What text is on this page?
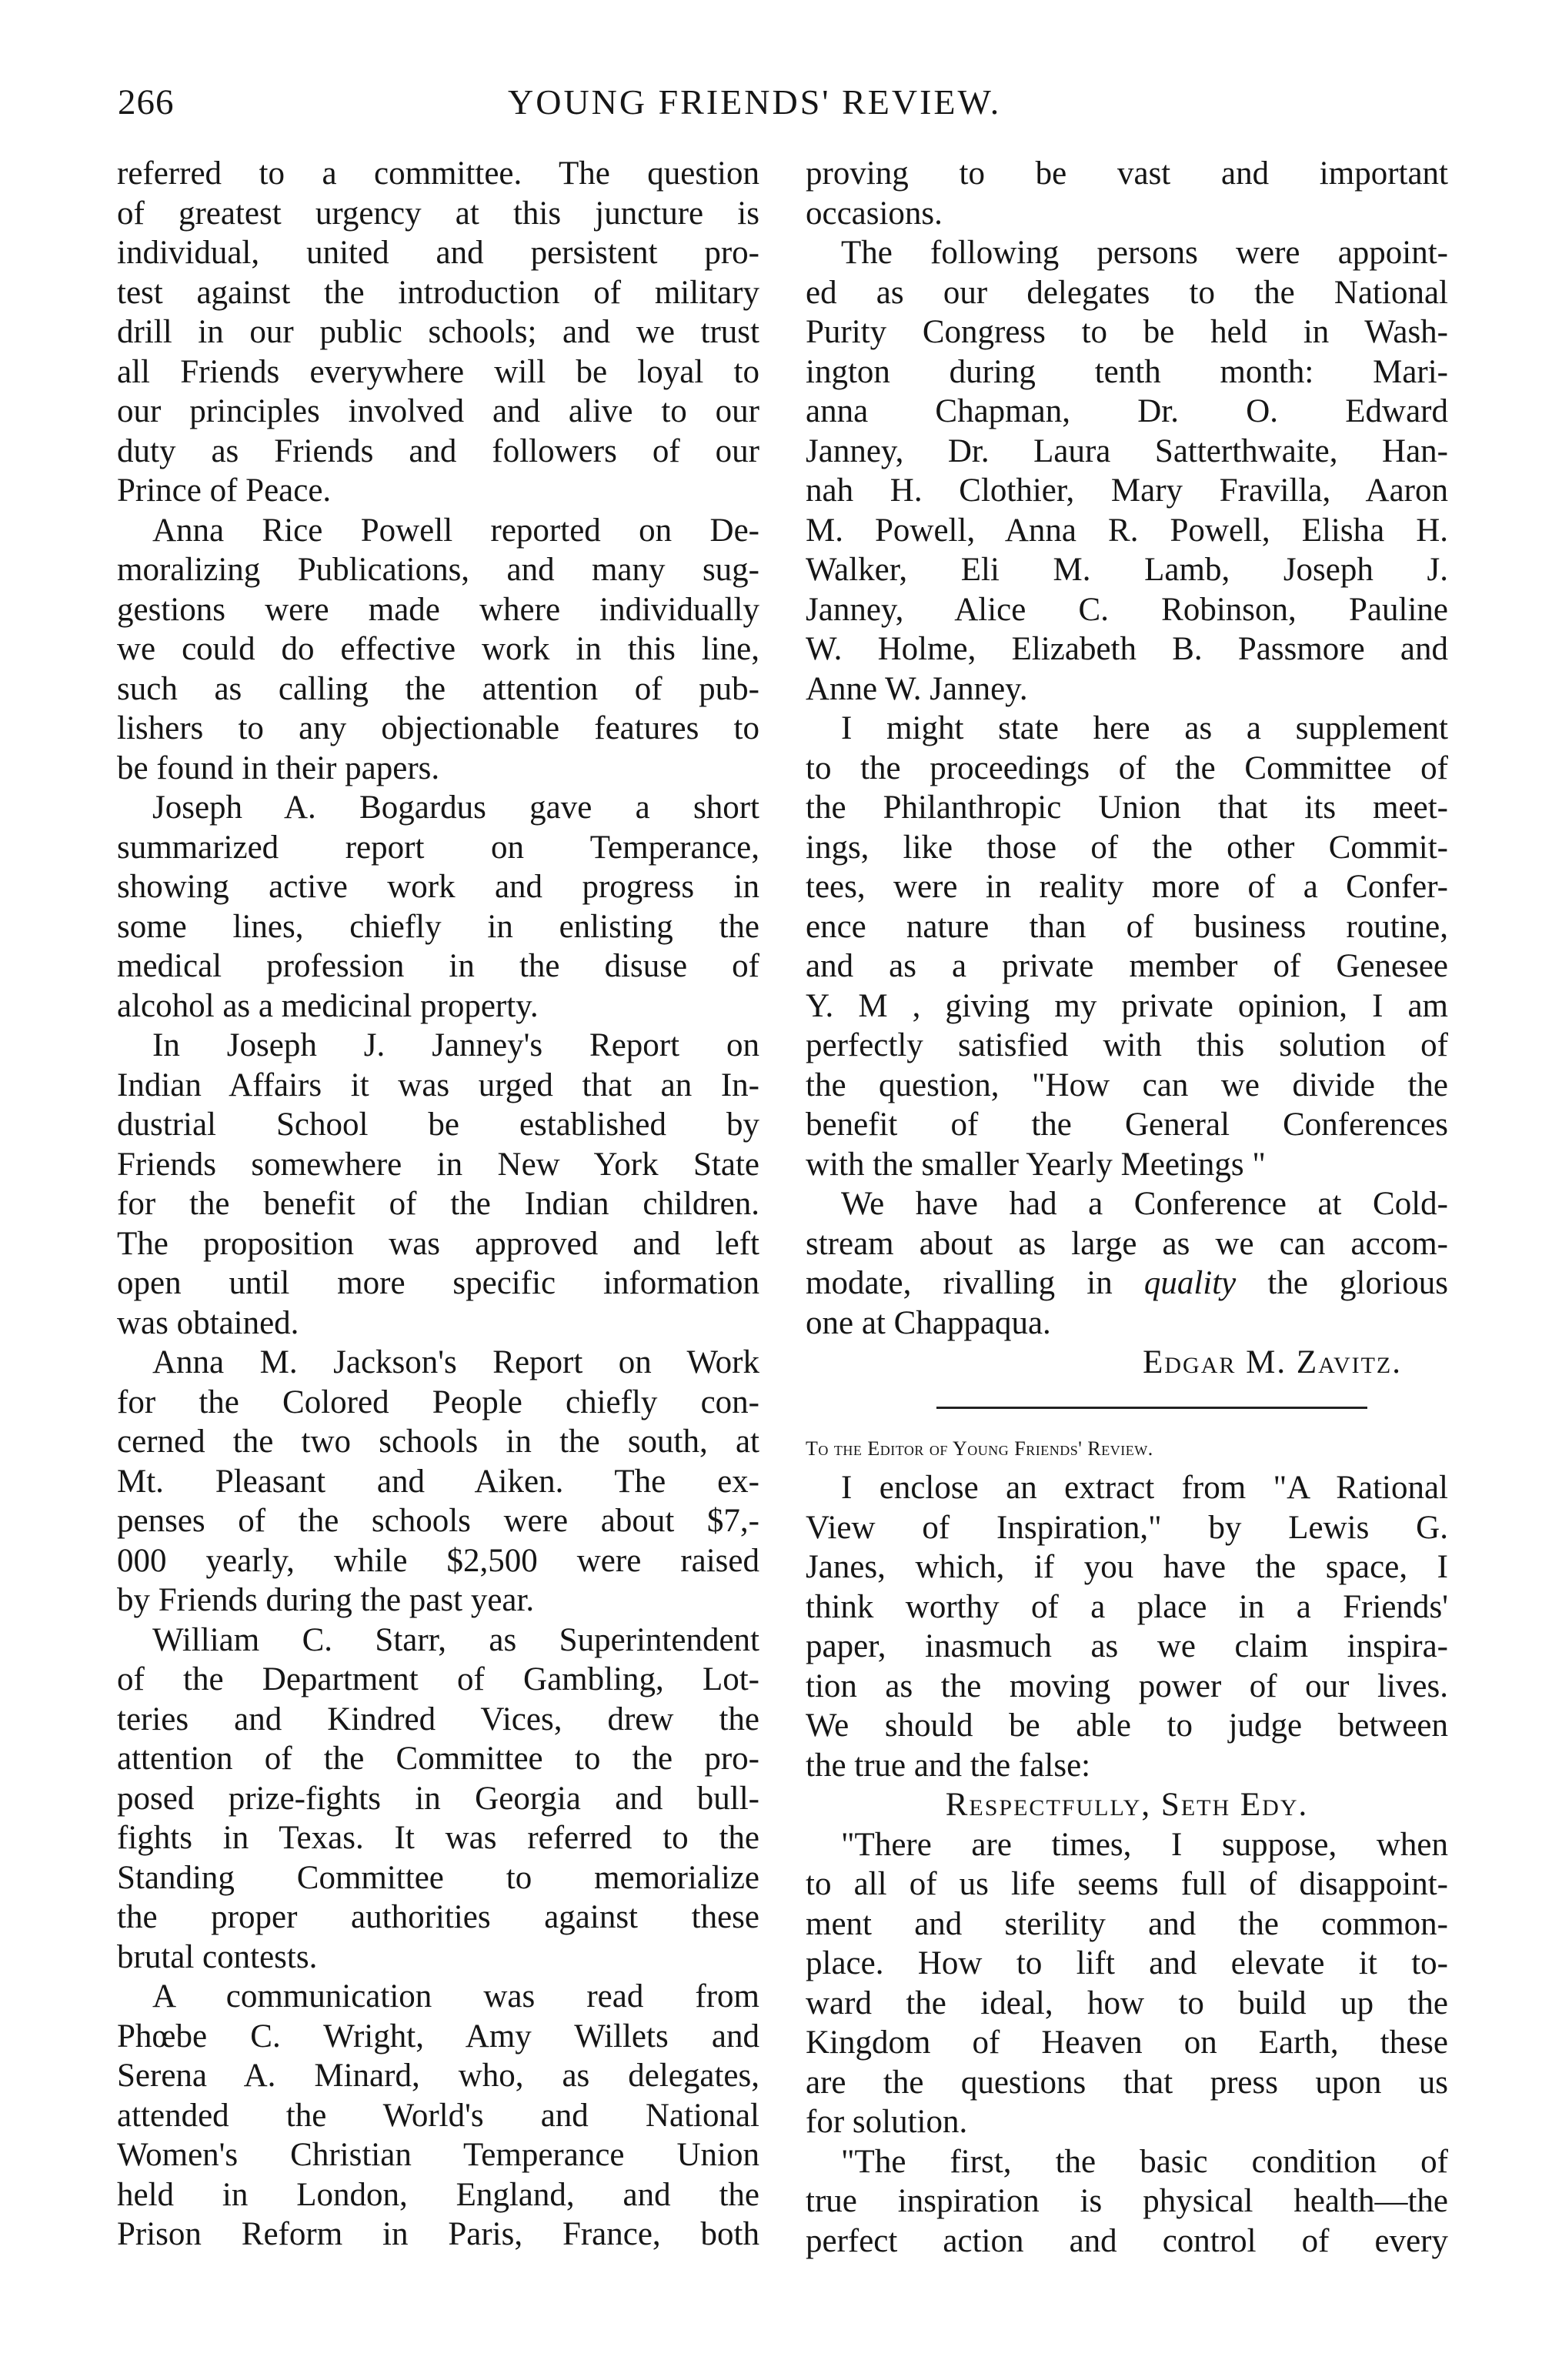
266	YOUNG FRIENDS' REVIEW.
referred to a committee. The question
of greatest urgency at this juncture is
individual, united and persistent pro-
test against the introduction of military
drill in our public schools; and we trust
all Friends everywhere will be loyal to
our principles involved and alive to our
duty as Friends and followers of our
Prince of Peace.
Anna Rice Powell reported on De-
moralizing Publications, and many sug-
gestions were made where individually
we could do effective work in this line,
such as calling the attention of pub-
lishers to any objectionable features to
be found in their papers.
Joseph A. Bogardus gave a short
summarized report on Temperance,
showing active work and progress in
some lines, chiefly in enlisting the
medical profession in the disuse of
alcohol as a medicinal property.
In Joseph J. Janney's Report on
Indian Affairs it was urged that an In-
dustrial School be established by
Friends somewhere in New York State
for the benefit of the Indian children.
The proposition was approved and left
open until more specific information
was obtained.
Anna M. Jackson's Report on Work
for the Colored People chiefly con-
cerned the two schools in the south, at
Mt. Pleasant and Aiken. The ex-
penses of the schools were about $7,-
000 yearly, while $2,500 were raised
by Friends during the past year.
William C. Starr, as Superintendent
of the Department of Gambling, Lot-
teries and Kindred Vices, drew the
attention of the Committee to the pro-
posed prize-fights in Georgia and bull-
fights in Texas. It was referred to the
Standing Committee to memorialize
the proper authorities against these
brutal contests.
A communication was read from
Phœbe C. Wright, Amy Willets and
Serena A. Minard, who, as delegates,
attended the World's and National
Women's Christian Temperance Union
held in London, England, and the
Prison Reform in Paris, France, both
proving to be vast and important
occasions.
The following persons were appoint-
ed as our delegates to the National
Purity Congress to be held in Wash-
ington during tenth month: Mari-
anna Chapman, Dr. O. Edward
Janney, Dr. Laura Satterthwaite, Han-
nah H. Clothier, Mary Fravilla, Aaron
M. Powell, Anna R. Powell, Elisha H.
Walker, Eli M. Lamb, Joseph J.
Janney, Alice C. Robinson, Pauline
W. Holme, Elizabeth B. Passmore and
Anne W. Janney.
I might state here as a supplement
to the proceedings of the Committee of
the Philanthropic Union that its meet-
ings, like those of the other Commit-
tees, were in reality more of a Confer-
ence nature than of business routine,
and as a private member of Genesee
Y. M , giving my private opinion, I am
perfectly satisfied with this solution of
the question, "How can we divide the
benefit of the General Conferences
with the smaller Yearly Meetings "
We have had a Conference at Cold-
stream about as large as we can accom-
modate, rivalling in quality the glorious
one at Chappaqua.
Edgar M. Zavitz.
To the Editor of Young Friends' Review.
I enclose an extract from "A Rational
View of Inspiration," by Lewis G.
Janes, which, if you have the space, I
think worthy of a place in a Friends'
paper, inasmuch as we claim inspira-
tion as the moving power of our lives.
We should be able to judge between
the true and the false:
Respectfully, Seth Edy.
"There are times, I suppose, when
to all of us life seems full of disappoint-
ment and sterility and the common-
place. How to lift and elevate it to-
ward the ideal, how to build up the
Kingdom of Heaven on Earth, these
are the questions that press upon us
for solution.
"The first, the basic condition of
true inspiration is physical health—the
perfect action and control of every
